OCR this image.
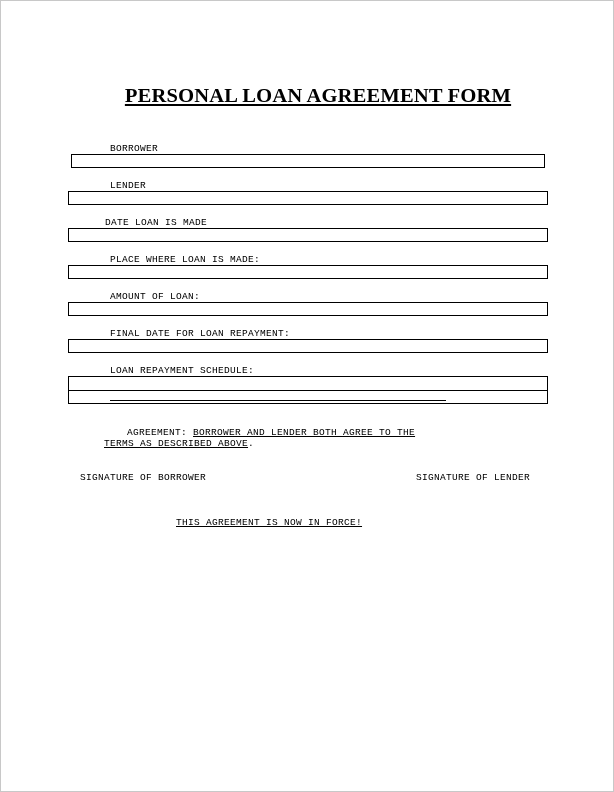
PERSONAL LOAN AGREEMENT FORM
BORROWER
LENDER
DATE LOAN IS MADE
PLACE WHERE LOAN IS MADE:
AMOUNT OF LOAN:
FINAL DATE FOR LOAN REPAYMENT:
LOAN REPAYMENT SCHEDULE:
AGREEMENT: BORROWER AND LENDER BOTH AGREE TO THE
TERMS AS DESCRIBED ABOVE.
SIGNATURE OF BORROWER	SIGNATURE OF LENDER
THIS AGREEMENT IS NOW IN FORCE!
